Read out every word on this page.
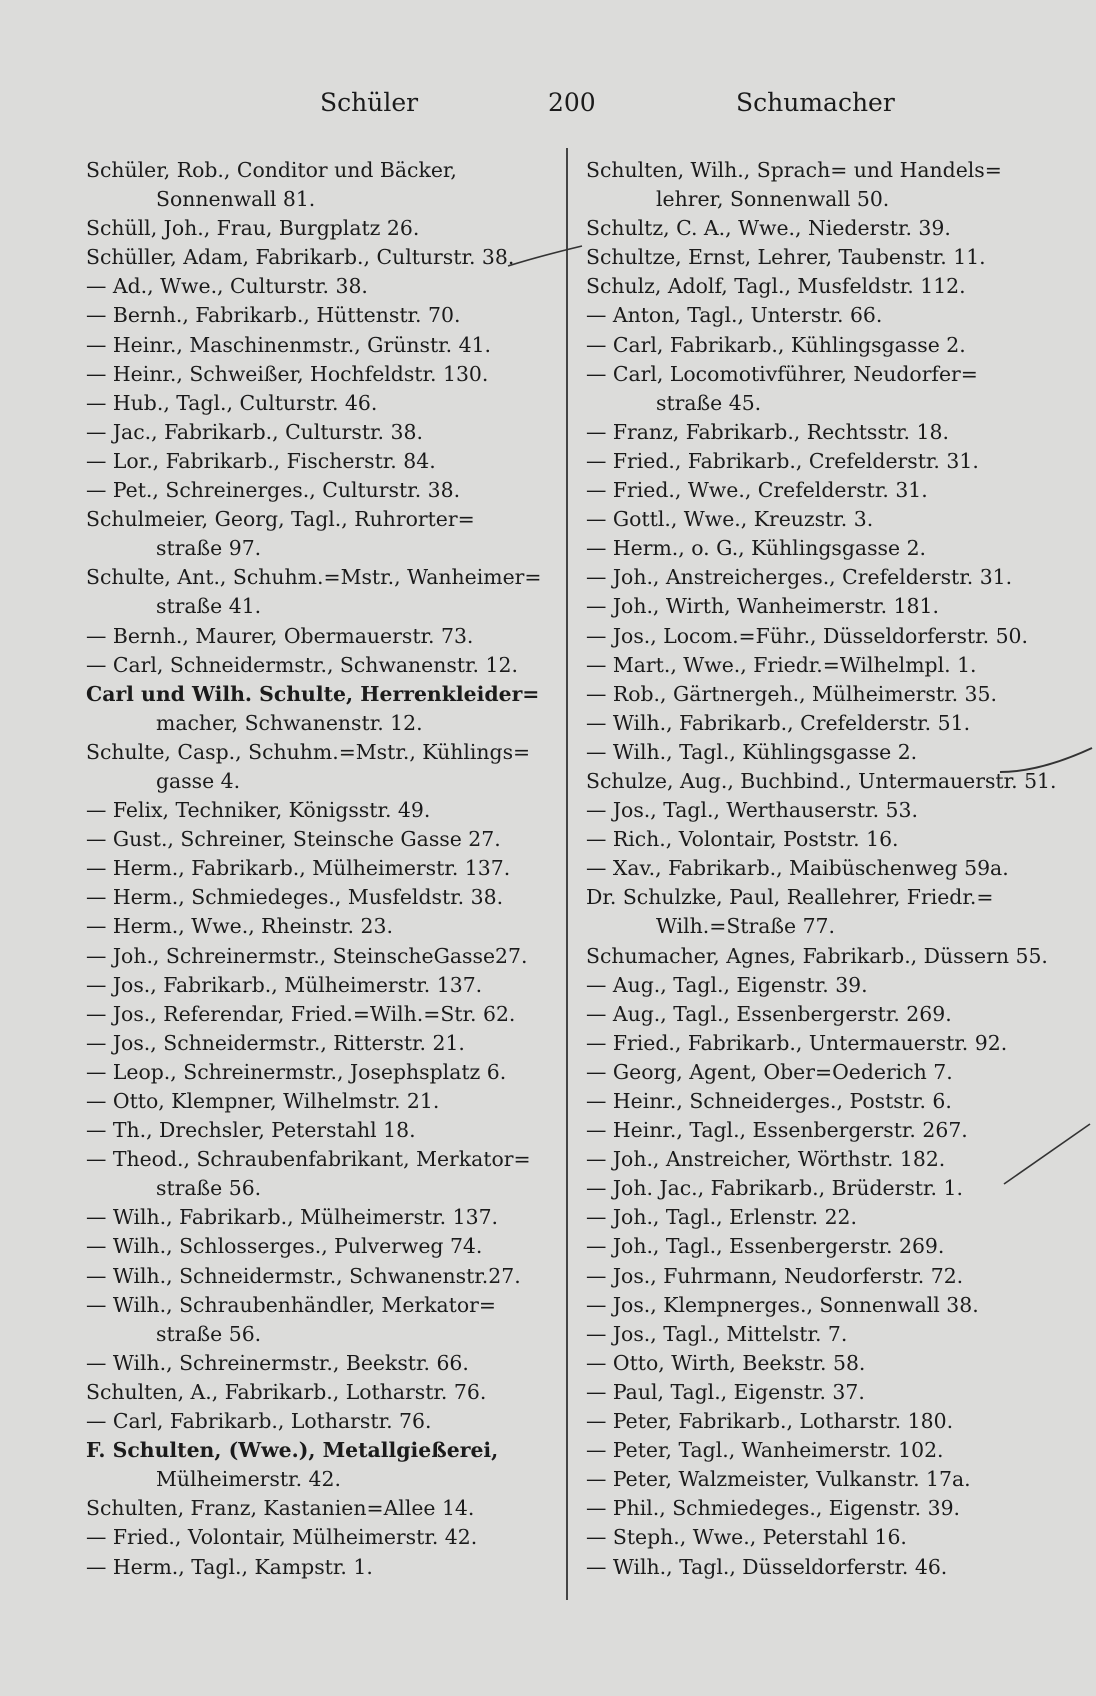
Schüler	200	Schumacher
Schüler, Rob., Conditor und Bäcker,
Sonnenwall 81.
Schüll, Joh., Frau, Burgplatz 26.
Schüller, Adam, Fabrikarb., Culturstr. 38.
— Ad., Wwe., Culturstr. 38.
— Bernh., Fabrikarb., Hüttenstr. 70.
— Heinr., Maschinenmstr., Grünstr. 41.
— Heinr., Schweißer, Hochfeldstr. 130.
— Hub., Tagl., Culturstr. 46.
— Jac., Fabrikarb., Culturstr. 38.
— Lor., Fabrikarb., Fischerstr. 84.
— Pet., Schreinerges., Culturstr. 38.
Schulmeier, Georg, Tagl., Ruhrorter=
straße 97.
Schulte, Ant., Schuhm.=Mstr., Wanheimer=
straße 41.
— Bernh., Maurer, Obermauerstr. 73.
— Carl, Schneidermstr., Schwanenstr. 12.
Carl und Wilh. Schulte, Herrenkleider=
macher, Schwanenstr. 12.
Schulte, Casp., Schuhm.=Mstr., Kühlings=
gasse 4.
— Felix, Techniker, Königsstr. 49.
— Gust., Schreiner, Steinsche Gasse 27.
— Herm., Fabrikarb., Mülheimerstr. 137.
— Herm., Schmiedeges., Musfeldstr. 38.
— Herm., Wwe., Rheinstr. 23.
— Joh., Schreinermstr., SteinscheGasse27.
— Jos., Fabrikarb., Mülheimerstr. 137.
— Jos., Referendar, Fried.=Wilh.=Str. 62.
— Jos., Schneidermstr., Ritterstr. 21.
— Leop., Schreinermstr., Josephsplatz 6.
— Otto, Klempner, Wilhelmstr. 21.
— Th., Drechsler, Peterstahl 18.
— Theod., Schraubenfabrikant, Merkator=
straße 56.
— Wilh., Fabrikarb., Mülheimerstr. 137.
— Wilh., Schlosserges., Pulverweg 74.
— Wilh., Schneidermstr., Schwanenstr.27.
— Wilh., Schraubenhändler, Merkator=
straße 56.
— Wilh., Schreinermstr., Beekstr. 66.
Schulten, A., Fabrikarb., Lotharstr. 76.
— Carl, Fabrikarb., Lotharstr. 76.
F. Schulten, (Wwe.), Metallgießerei,
Mülheimerstr. 42.
Schulten, Franz, Kastanien=Allee 14.
— Fried., Volontair, Mülheimerstr. 42.
— Herm., Tagl., Kampstr. 1.
Schulten, Wilh., Sprach= und Handels=
lehrer, Sonnenwall 50.
Schultz, C. A., Wwe., Niederstr. 39.
Schultze, Ernst, Lehrer, Taubenstr. 11.
Schulz, Adolf, Tagl., Musfeldstr. 112.
— Anton, Tagl., Unterstr. 66.
— Carl, Fabrikarb., Kühlingsgasse 2.
— Carl, Locomotivführer, Neudorfer=
straße 45.
— Franz, Fabrikarb., Rechtsstr. 18.
— Fried., Fabrikarb., Crefelderstr. 31.
— Fried., Wwe., Crefelderstr. 31.
— Gottl., Wwe., Kreuzstr. 3.
— Herm., o. G., Kühlingsgasse 2.
— Joh., Anstreicherges., Crefelderstr. 31.
— Joh., Wirth, Wanheimerstr. 181.
— Jos., Locom.=Führ., Düsseldorferstr. 50.
— Mart., Wwe., Friedr.=Wilhelmpl. 1.
— Rob., Gärtnergeh., Mülheimerstr. 35.
— Wilh., Fabrikarb., Crefelderstr. 51.
— Wilh., Tagl., Kühlingsgasse 2.
Schulze, Aug., Buchbind., Untermauerstr. 51.
— Jos., Tagl., Werthauserstr. 53.
— Rich., Volontair, Poststr. 16.
— Xav., Fabrikarb., Maibüschenweg 59a.
Dr. Schulzke, Paul, Reallehrer, Friedr.=
Wilh.=Straße 77.
Schumacher, Agnes, Fabrikarb., Düssern 55.
— Aug., Tagl., Eigenstr. 39.
— Aug., Tagl., Essenbergerstr. 269.
— Fried., Fabrikarb., Untermauerstr. 92.
— Georg, Agent, Ober=Oederich 7.
— Heinr., Schneiderges., Poststr. 6.
— Heinr., Tagl., Essenbergerstr. 267.
— Joh., Anstreicher, Wörthstr. 182.
— Joh. Jac., Fabrikarb., Brüderstr. 1.
— Joh., Tagl., Erlenstr. 22.
— Joh., Tagl., Essenbergerstr. 269.
— Jos., Fuhrmann, Neudorferstr. 72.
— Jos., Klempnerges., Sonnenwall 38.
— Jos., Tagl., Mittelstr. 7.
— Otto, Wirth, Beekstr. 58.
— Paul, Tagl., Eigenstr. 37.
— Peter, Fabrikarb., Lotharstr. 180.
— Peter, Tagl., Wanheimerstr. 102.
— Peter, Walzmeister, Vulkanstr. 17a.
— Phil., Schmiedeges., Eigenstr. 39.
— Steph., Wwe., Peterstahl 16.
— Wilh., Tagl., Düsseldorferstr. 46.
